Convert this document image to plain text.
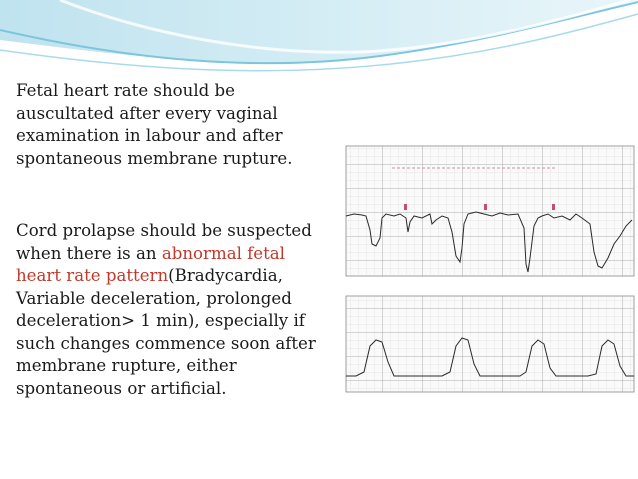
Fetal heart rate should be
auscultated after every vaginal
examination in labour and after
spontaneous membrane rupture.
Cord prolapse should be suspected
when there is an abnormal fetal
heart rate pattern(Bradycardia,
Variable deceleration, prolonged
deceleration> 1 min), especially if
such changes commence soon after
membrane rupture, either
spontaneous or artificial.
